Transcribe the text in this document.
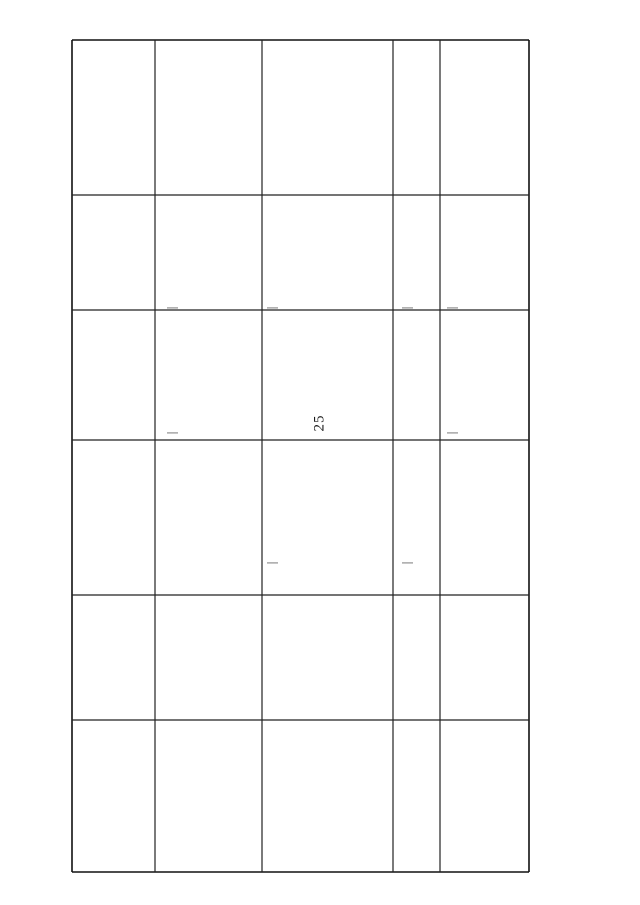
25
|
|
|
|
|
|
|
|
